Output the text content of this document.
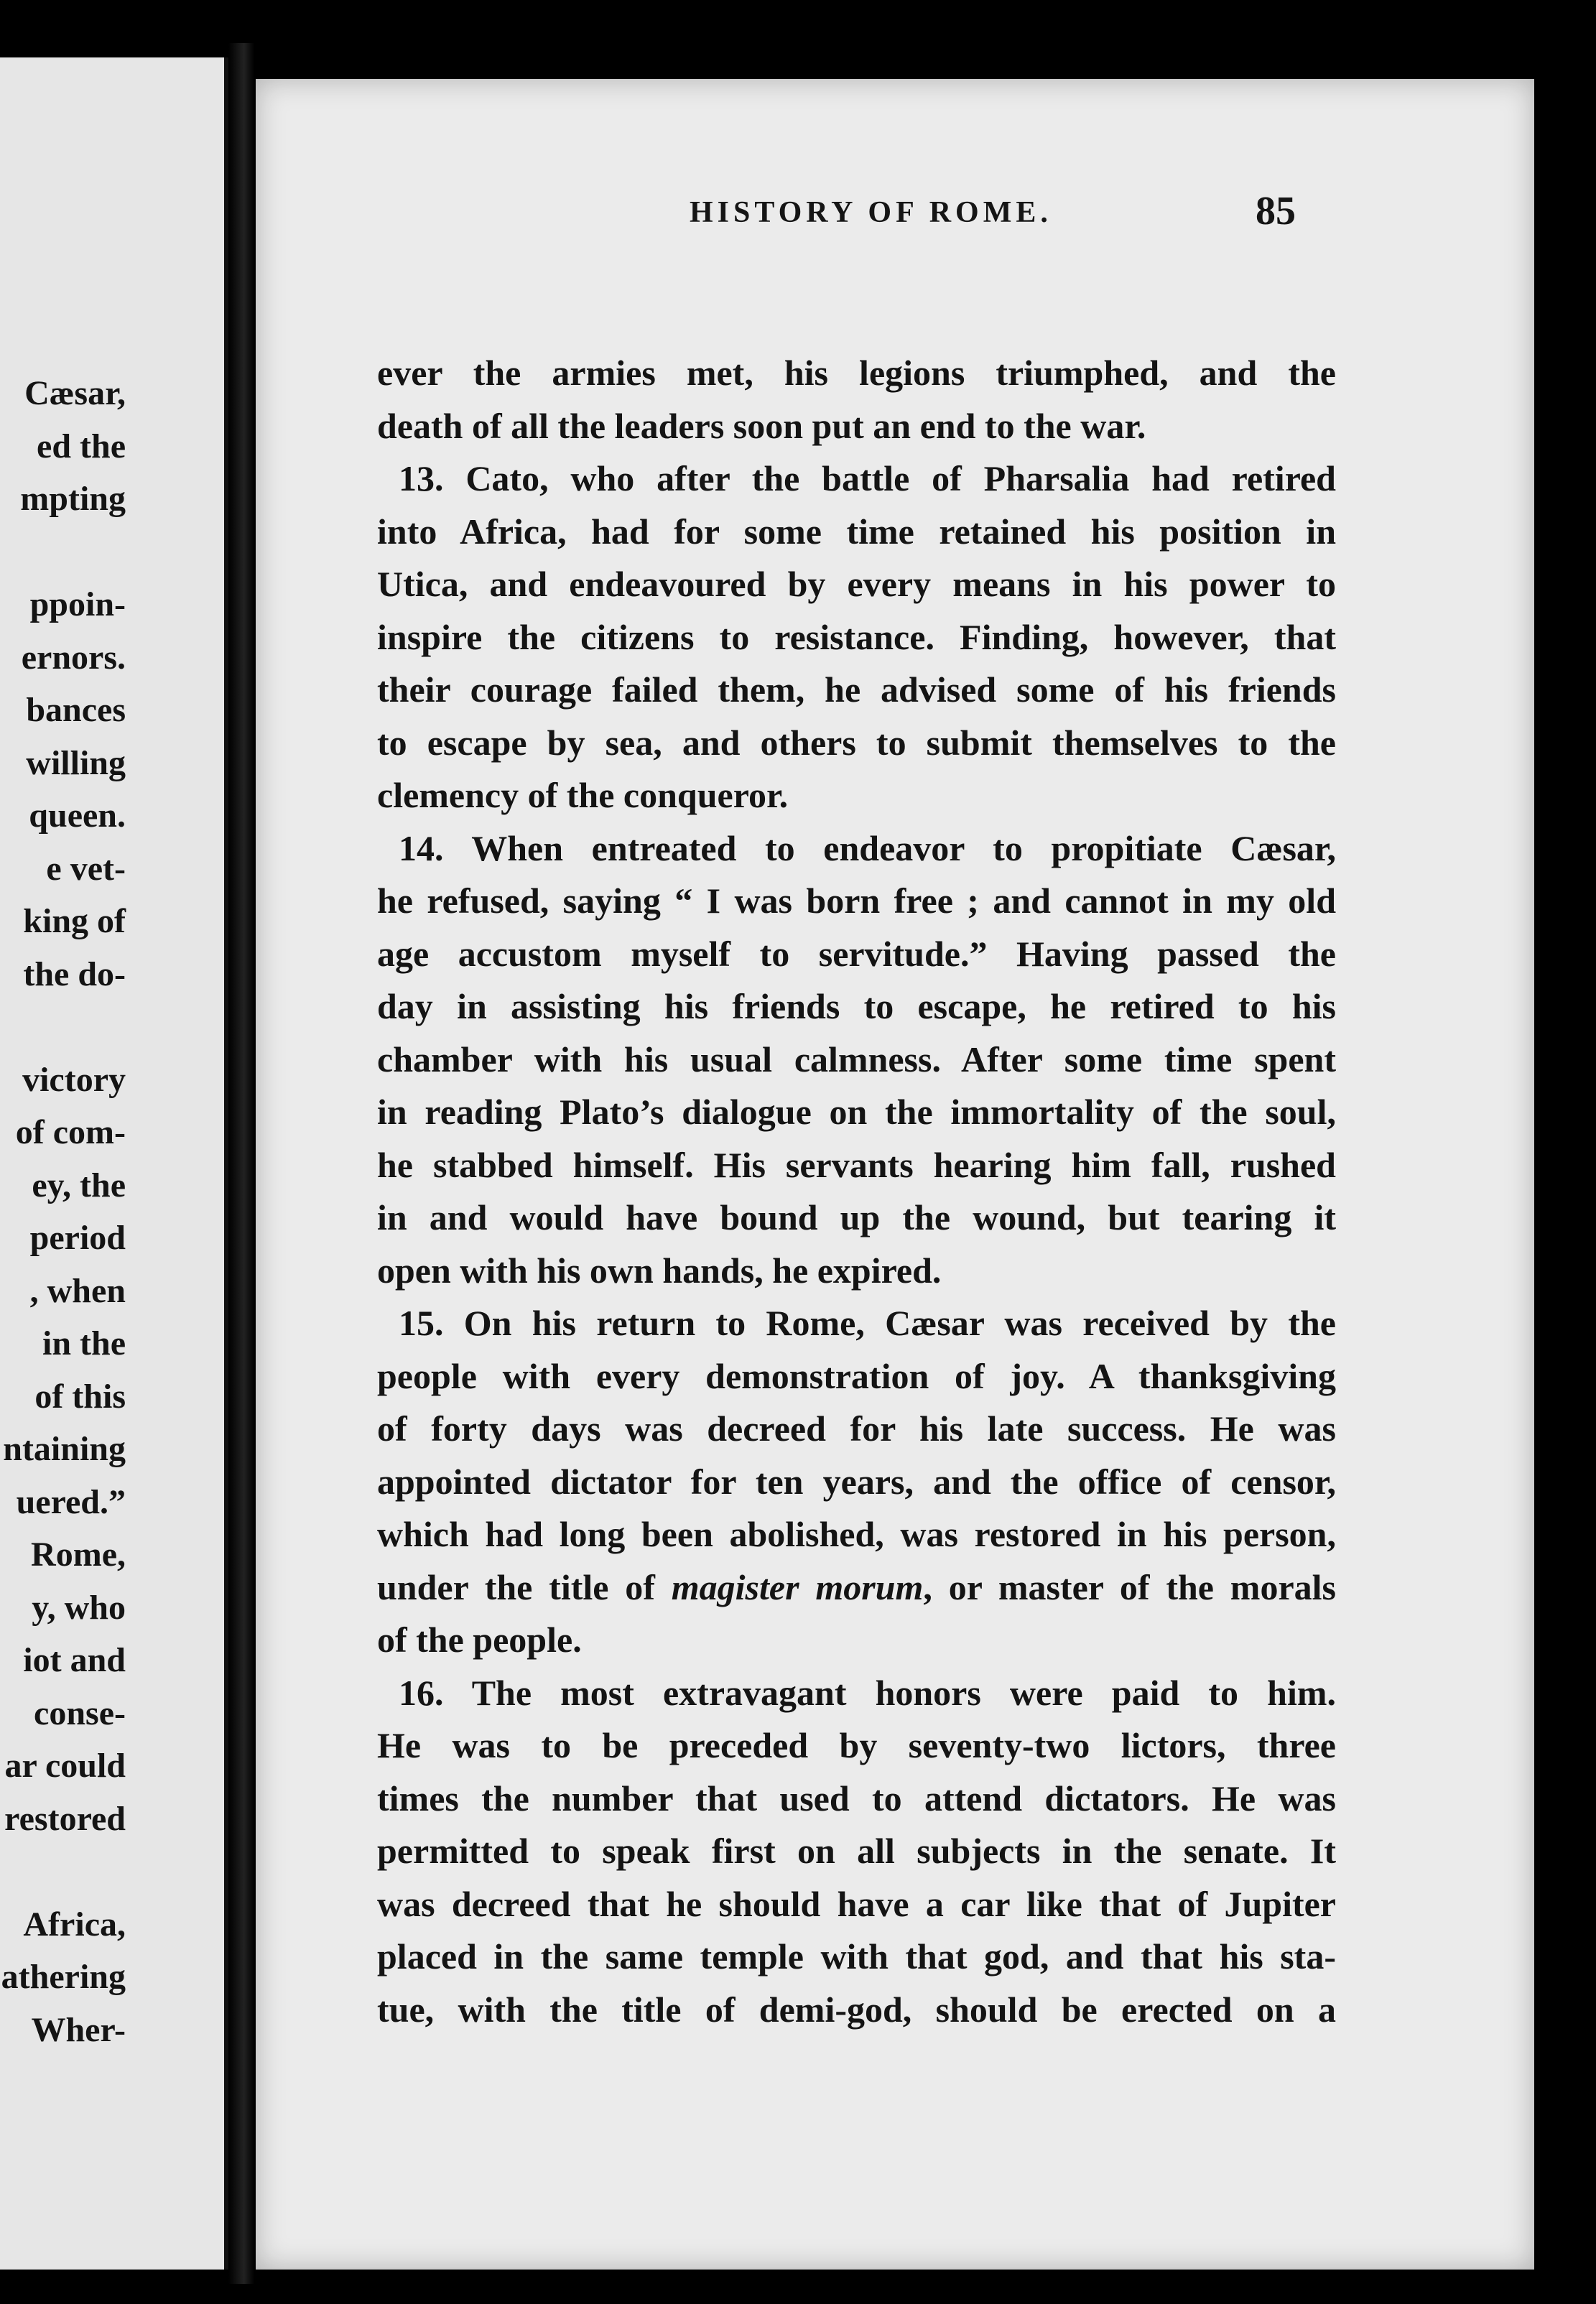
HISTORY OF ROME.	85
Cæsar,
ed the
mpting
ppoin-
ernors.
bances
willing
queen.
e vet-
king of
the do-
victory
of com-
ey, the
period
, when
in the
of this
ntaining
uered.”
Rome,
y, who
iot and
conse-
ar could
restored
Africa,
athering
Wher-
ever the armies met, his legions triumphed, and the
death of all the leaders soon put an end to the war.
13. Cato, who after the battle of Pharsalia had retired
into Africa, had for some time retained his position in
Utica, and endeavoured by every means in his power to
inspire the citizens to resistance. Finding, however, that
their courage failed them, he advised some of his friends
to escape by sea, and others to submit themselves to the
clemency of the conqueror.
14. When entreated to endeavor to propitiate Cæsar,
he refused, saying “ I was born free ; and cannot in my old
age accustom myself to servitude.” Having passed the
day in assisting his friends to escape, he retired to his
chamber with his usual calmness. After some time spent
in reading Plato’s dialogue on the immortality of the soul,
he stabbed himself. His servants hearing him fall, rushed
in and would have bound up the wound, but tearing it
open with his own hands, he expired.
15. On his return to Rome, Cæsar was received by the
people with every demonstration of joy. A thanksgiving
of forty days was decreed for his late success. He was
appointed dictator for ten years, and the office of censor,
which had long been abolished, was restored in his person,
under the title of magister morum, or master of the morals
of the people.
16. The most extravagant honors were paid to him.
He was to be preceded by seventy-two lictors, three
times the number that used to attend dictators. He was
permitted to speak first on all subjects in the senate. It
was decreed that he should have a car like that of Jupiter
placed in the same temple with that god, and that his sta-
tue, with the title of demi-god, should be erected on a
